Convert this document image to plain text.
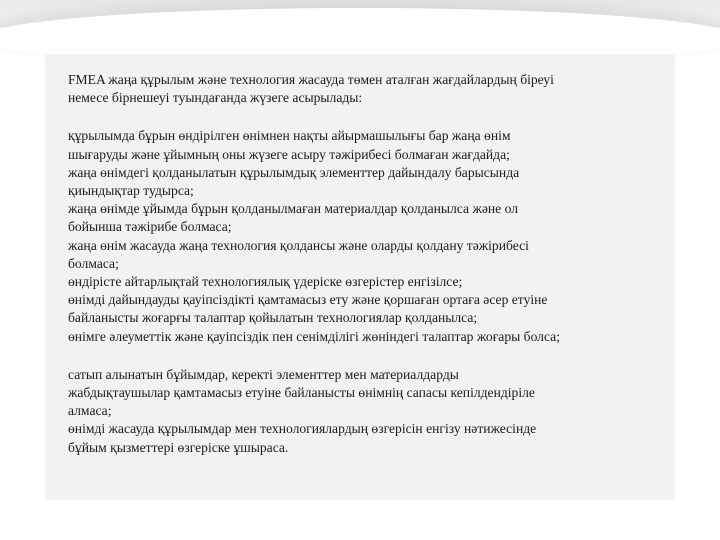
FMEA жаңа құрылым және технология жасауда төмен аталған жағдайлардың біреуі
немесе бірнешеуі туындағанда жүзеге асырылады:

құрылымда бұрын өндірілген өнімнен нақты айырмашылығы бар жаңа өнім
шығаруды және ұйымның оны жүзеге асыру тәжірибесі болмаған жағдайда;
жаңа өнімдегі қолданылатын құрылымдық элементтер дайындалу барысында
қиындықтар тудырса;
жаңа өнімде ұйымда бұрын қолданылмаған материалдар қолданылса және ол
бойынша тәжірибе болмаса;
жаңа өнім жасауда жаңа технология қолдансы және оларды қолдану тәжірибесі
болмаса;
өндірісте айтарлықтай технологиялық үдеріске өзгерістер енгізілсе;
өнімді дайындауды қауіпсіздікті қамтамасыз ету және қоршаған ортаға әсер етуіне
байланысты жоғарғы талаптар қойылатын технологиялар қолданылса;
өнімге әлеуметтік және қауіпсіздік пен сенімділігі жөніндегі талаптар жоғары болса;

сатып алынатын бұйымдар, керекті элементтер мен материалдарды
жабдықтаушылар қамтамасыз етуіне байланысты өнімнің сапасы кепілдендіріле
алмаса;
өнімді жасауда құрылымдар мен технологиялардың өзгерісін енгізу нәтижесінде
бұйым қызметтері өзгеріске ұшыраса.
